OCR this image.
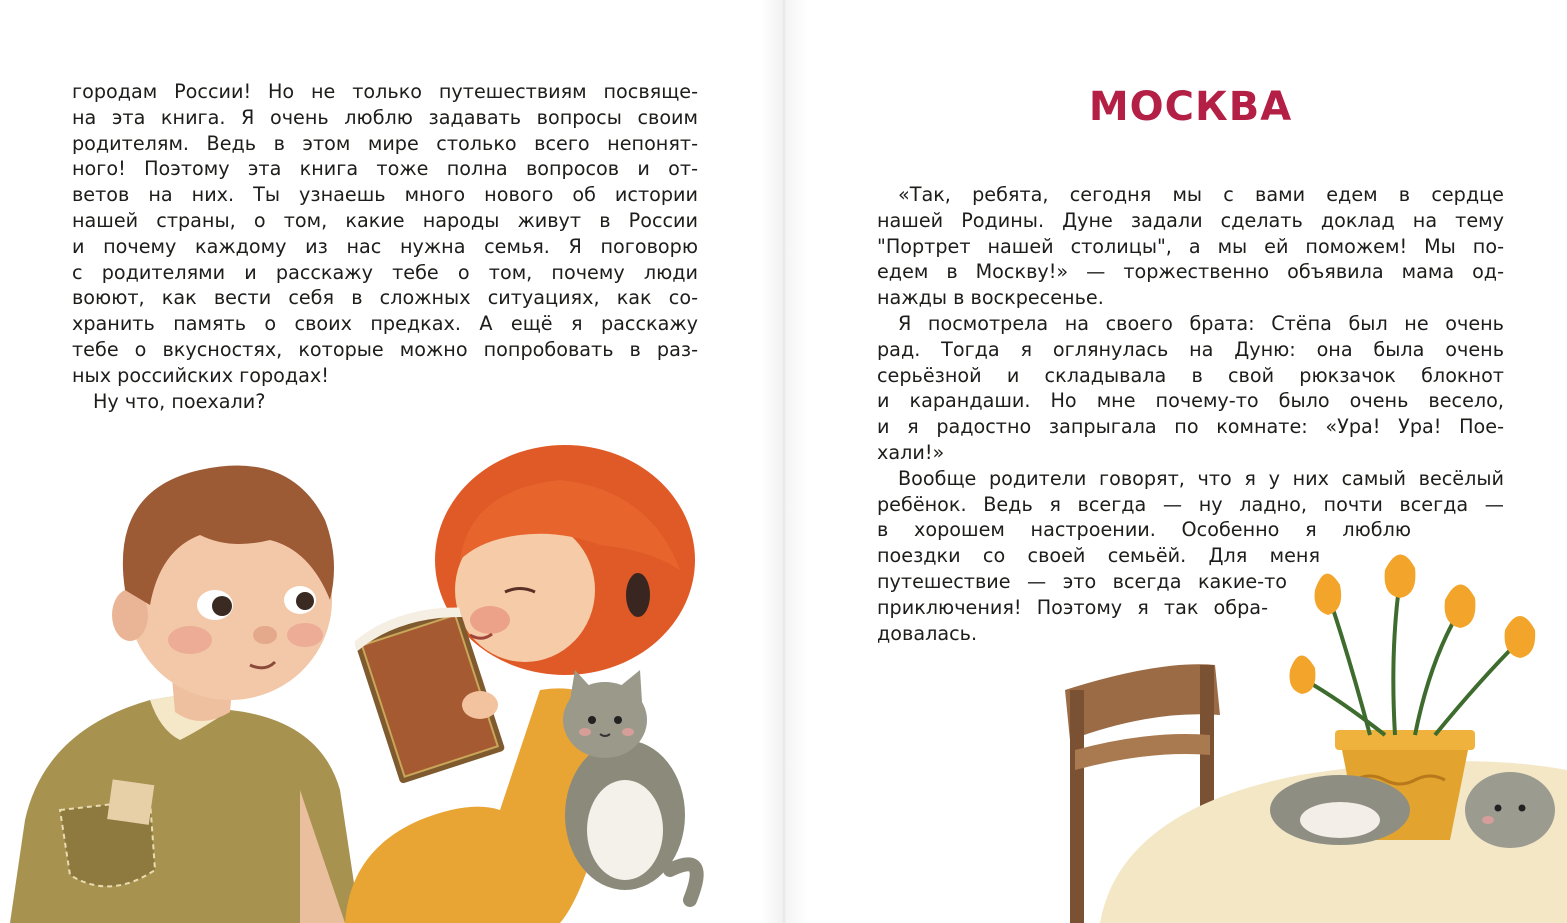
городам России! Но не только путешествиям посвяще-
на эта книга. Я очень люблю задавать вопросы своим
родителям. Ведь в этом мире столько всего непонят-
ного! Поэтому эта книга тоже полна вопросов и от-
ветов на них. Ты узнаешь много нового об истории
нашей страны, о том, какие народы живут в России
и почему каждому из нас нужна семья. Я поговорю
с родителями и расскажу тебе о том, почему люди
воюют, как вести себя в сложных ситуациях, как со-
хранить память о своих предках. А ещё я расскажу
тебе о вкусностях, которые можно попробовать в раз-
ных российских городах!
Ну что, поехали?
МОСКВА
«Так, ребята, сегодня мы с вами едем в сердце
нашей Родины. Дуне задали сделать доклад на тему
"Портрет нашей столицы", а мы ей поможем! Мы по-
едем в Москву!» — торжественно объявила мама од-
нажды в воскресенье.
Я посмотрела на своего брата: Стёпа был не очень
рад. Тогда я оглянулась на Дуню: она была очень
серьёзной и складывала в свой рюкзачок блокнот
и карандаши. Но мне почему-то было очень весело,
и я радостно запрыгала по комнате: «Ура! Ура! Пое-
хали!»
Вообще родители говорят, что я у них самый весёлый
ребёнок. Ведь я всегда — ну ладно, почти всегда —
в хорошем настроении. Особенно я люблю
поездки со своей семьёй. Для меня
путешествие — это всегда какие-то
приключения! Поэтому я так обра-
довалась.
